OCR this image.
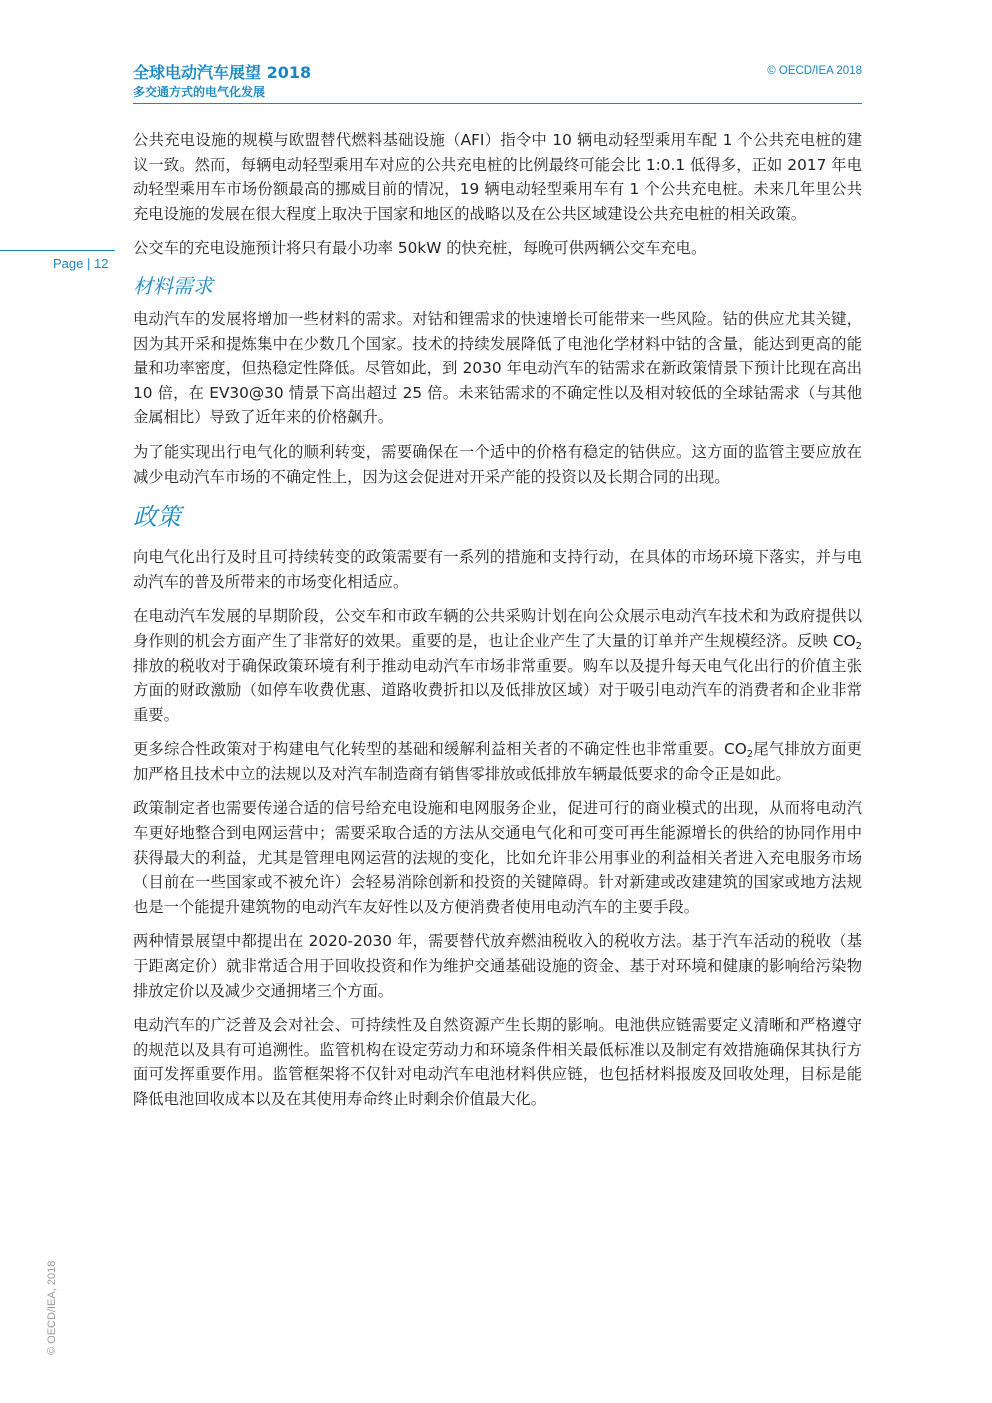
全球电动汽车展望 2018
多交通方式的电气化发展
© OECD/IEA 2018
Page | 12
© OECD/IEA, 2018

公共充电设施的规模与欧盟替代燃料基础设施（AFI）指令中 10 辆电动轻型乘用车配 1 个公共充电桩的建议一致。然而，每辆电动轻型乘用车对应的公共充电桩的比例最终可能会比 1:0.1 低得多，正如 2017 年电动轻型乘用车市场份额最高的挪威目前的情况，19 辆电动轻型乘用车有 1 个公共充电桩。未来几年里公共充电设施的发展在很大程度上取决于国家和地区的战略以及在公共区域建设公共充电桩的相关政策。

公交车的充电设施预计将只有最小功率 50kW 的快充桩，每晚可供两辆公交车充电。

材料需求

电动汽车的发展将增加一些材料的需求。对钴和锂需求的快速增长可能带来一些风险。钴的供应尤其关键，因为其开采和提炼集中在少数几个国家。技术的持续发展降低了电池化学材料中钴的含量，能达到更高的能量和功率密度，但热稳定性降低。尽管如此，到 2030 年电动汽车的钴需求在新政策情景下预计比现在高出 10 倍，在 EV30@30 情景下高出超过 25 倍。未来钴需求的不确定性以及相对较低的全球钴需求（与其他金属相比）导致了近年来的价格飙升。

为了能实现出行电气化的顺利转变，需要确保在一个适中的价格有稳定的钴供应。这方面的监管主要应放在减少电动汽车市场的不确定性上，因为这会促进对开采产能的投资以及长期合同的出现。

政策

向电气化出行及时且可持续转变的政策需要有一系列的措施和支持行动，在具体的市场环境下落实，并与电动汽车的普及所带来的市场变化相适应。

在电动汽车发展的早期阶段，公交车和市政车辆的公共采购计划在向公众展示电动汽车技术和为政府提供以身作则的机会方面产生了非常好的效果。重要的是，也让企业产生了大量的订单并产生规模经济。反映 $CO_2$ 排放的税收对于确保政策环境有利于推动电动汽车市场非常重要。购车以及提升每天电气化出行的价值主张方面的财政激励（如停车收费优惠、道路收费折扣以及低排放区域）对于吸引电动汽车的消费者和企业非常重要。

更多综合性政策对于构建电气化转型的基础和缓解利益相关者的不确定性也非常重要。$CO_2$尾气排放方面更加严格且技术中立的法规以及对汽车制造商有销售零排放或低排放车辆最低要求的命令正是如此。

政策制定者也需要传递合适的信号给充电设施和电网服务企业，促进可行的商业模式的出现，从而将电动汽车更好地整合到电网运营中；需要采取合适的方法从交通电气化和可变可再生能源增长的供给的协同作用中获得最大的利益，尤其是管理电网运营的法规的变化，比如允许非公用事业的利益相关者进入充电服务市场（目前在一些国家或不被允许）会轻易消除创新和投资的关键障碍。针对新建或改建建筑的国家或地方法规也是一个能提升建筑物的电动汽车友好性以及方便消费者使用电动汽车的主要手段。

两种情景展望中都提出在 2020-2030 年，需要替代放弃燃油税收入的税收方法。基于汽车活动的税收（基于距离定价）就非常适合用于回收投资和作为维护交通基础设施的资金、基于对环境和健康的影响给污染物排放定价以及减少交通拥堵三个方面。

电动汽车的广泛普及会对社会、可持续性及自然资源产生长期的影响。电池供应链需要定义清晰和严格遵守的规范以及具有可追溯性。监管机构在设定劳动力和环境条件相关最低标准以及制定有效措施确保其执行方面可发挥重要作用。监管框架将不仅针对电动汽车电池材料供应链，也包括材料报废及回收处理，目标是能降低电池回收成本以及在其使用寿命终止时剩余价值最大化。
